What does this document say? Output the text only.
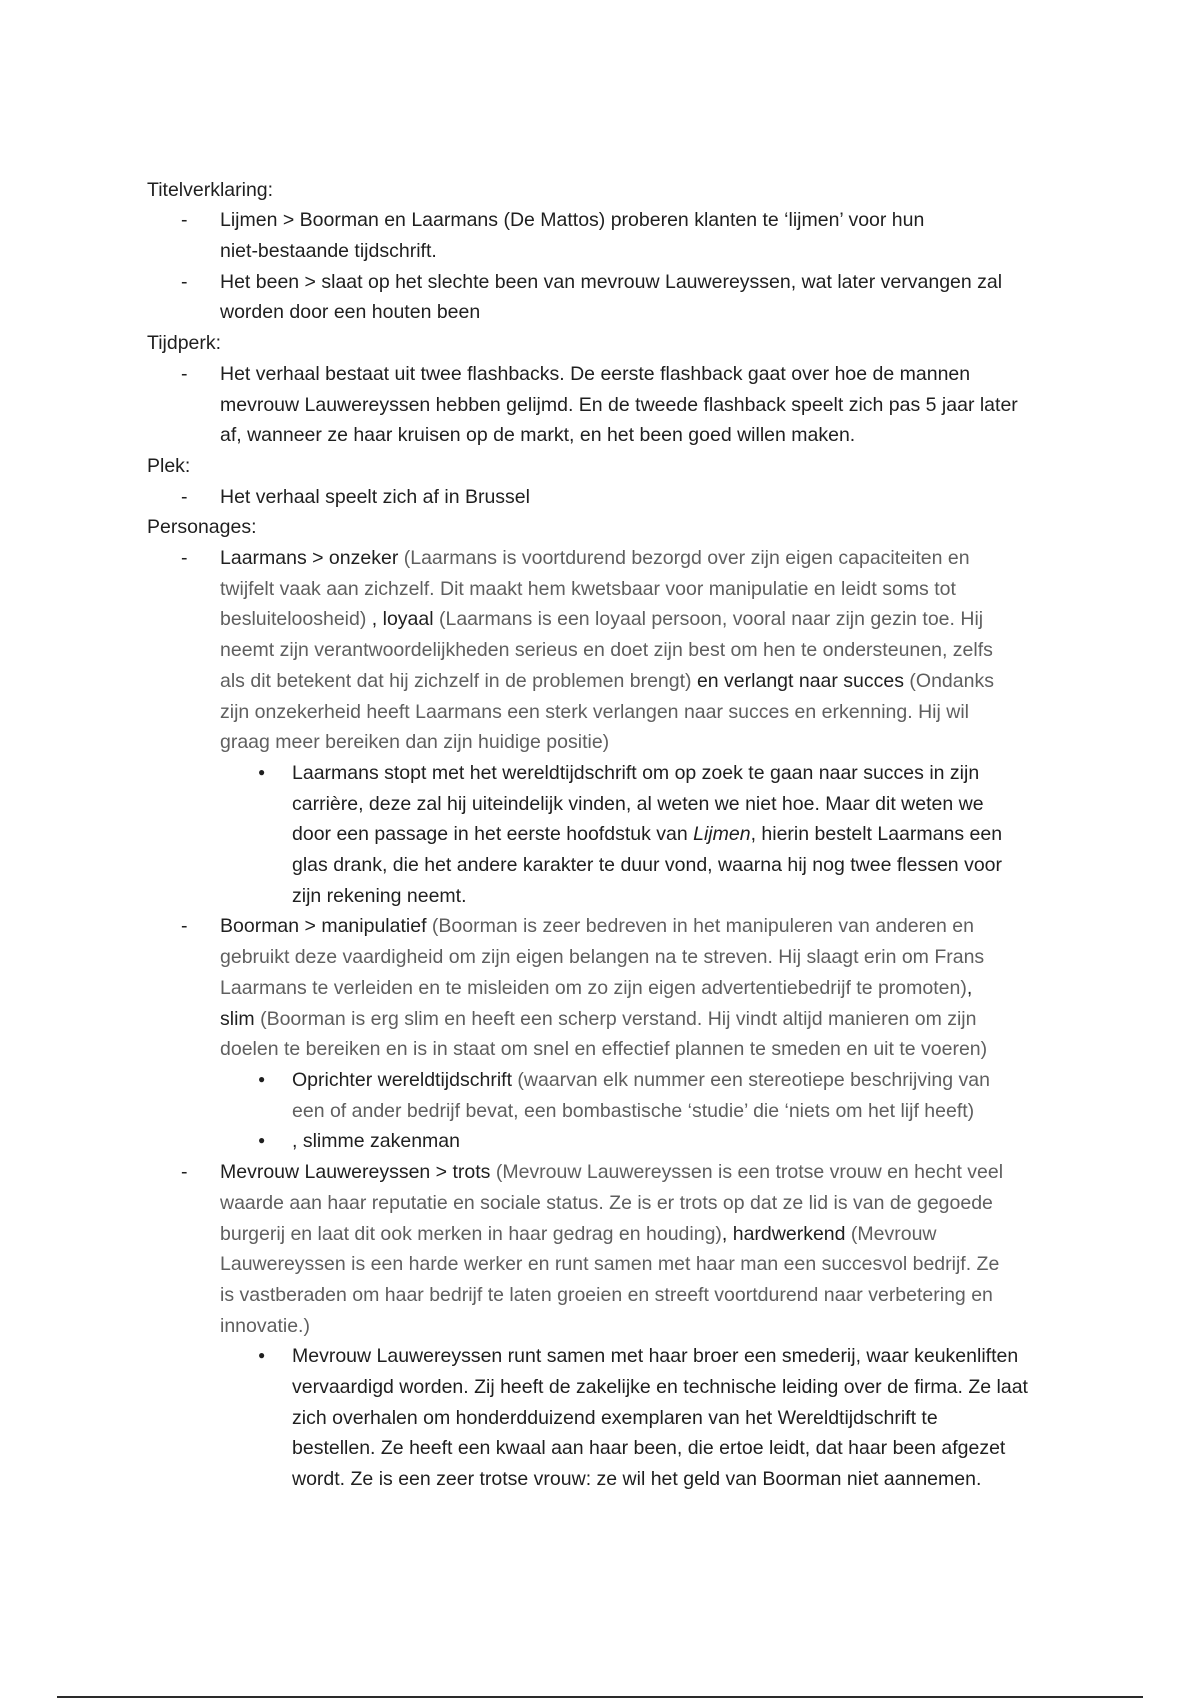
Titelverklaring:
- Lijmen > Boorman en Laarmans (De Mattos) proberen klanten te ‘lijmen’ voor hun
niet-bestaande tijdschrift.
- Het been > slaat op het slechte been van mevrouw Lauwereyssen, wat later vervangen zal
worden door een houten been
Tijdperk:
- Het verhaal bestaat uit twee flashbacks. De eerste flashback gaat over hoe de mannen
mevrouw Lauwereyssen hebben gelijmd. En de tweede flashback speelt zich pas 5 jaar later
af, wanneer ze haar kruisen op de markt, en het been goed willen maken.
Plek:
- Het verhaal speelt zich af in Brussel
Personages:
- Laarmans > onzeker (Laarmans is voortdurend bezorgd over zijn eigen capaciteiten en
twijfelt vaak aan zichzelf. Dit maakt hem kwetsbaar voor manipulatie en leidt soms tot
besluiteloosheid) , loyaal (Laarmans is een loyaal persoon, vooral naar zijn gezin toe. Hij
neemt zijn verantwoordelijkheden serieus en doet zijn best om hen te ondersteunen, zelfs
als dit betekent dat hij zichzelf in de problemen brengt) en verlangt naar succes (Ondanks
zijn onzekerheid heeft Laarmans een sterk verlangen naar succes en erkenning. Hij wil
graag meer bereiken dan zijn huidige positie)
● Laarmans stopt met het wereldtijdschrift om op zoek te gaan naar succes in zijn
carrière, deze zal hij uiteindelijk vinden, al weten we niet hoe. Maar dit weten we
door een passage in het eerste hoofdstuk van Lijmen, hierin bestelt Laarmans een
glas drank, die het andere karakter te duur vond, waarna hij nog twee flessen voor
zijn rekening neemt.
- Boorman > manipulatief (Boorman is zeer bedreven in het manipuleren van anderen en
gebruikt deze vaardigheid om zijn eigen belangen na te streven. Hij slaagt erin om Frans
Laarmans te verleiden en te misleiden om zo zijn eigen advertentiebedrijf te promoten),
slim (Boorman is erg slim en heeft een scherp verstand. Hij vindt altijd manieren om zijn
doelen te bereiken en is in staat om snel en effectief plannen te smeden en uit te voeren)
● Oprichter wereldtijdschrift (waarvan elk nummer een stereotiepe beschrijving van
een of ander bedrijf bevat, een bombastische ‘studie’ die ‘niets om het lijf heeft)
● , slimme zakenman
- Mevrouw Lauwereyssen > trots (Mevrouw Lauwereyssen is een trotse vrouw en hecht veel
waarde aan haar reputatie en sociale status. Ze is er trots op dat ze lid is van de gegoede
burgerij en laat dit ook merken in haar gedrag en houding), hardwerkend (Mevrouw
Lauwereyssen is een harde werker en runt samen met haar man een succesvol bedrijf. Ze
is vastberaden om haar bedrijf te laten groeien en streeft voortdurend naar verbetering en
innovatie.)
● Mevrouw Lauwereyssen runt samen met haar broer een smederij, waar keukenliften
vervaardigd worden. Zij heeft de zakelijke en technische leiding over de firma. Ze laat
zich overhalen om honderdduizend exemplaren van het Wereldtijdschrift te
bestellen. Ze heeft een kwaal aan haar been, die ertoe leidt, dat haar been afgezet
wordt. Ze is een zeer trotse vrouw: ze wil het geld van Boorman niet aannemen.
